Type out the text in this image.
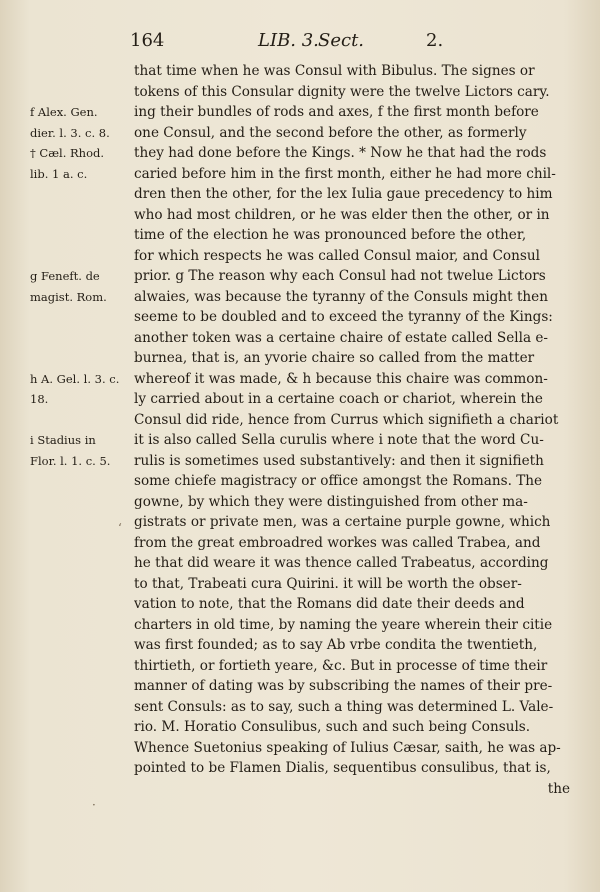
164	LIB. 3. Sect.	2.
f Alex. Gen.
dier. l. 3. c. 8.
† Cæl. Rhod.
lib. 1 a. c.
g Feneft. de
magist. Rom.
h A. Gel. l. 3. c.
18.
i Stadius in
Flor. l. 1. c. 5.
that time when he was Consul with Bibulus. The signes or
tokens of this Consular dignity were the twelve Lictors cary.
ing their bundles of rods and axes, f the first month before
one Consul, and the second before the other, as formerly
they had done before the Kings. * Now he that had the rods
caried before him in the first month, either he had more chil-
dren then the other, for the lex Iulia gaue precedency to him
who had most children, or he was elder then the other, or in
time of the election he was pronounced before the other,
for which respects he was called Consul maior, and Consul
prior. g The reason why each Consul had not twelue Lictors
alwaies, was because the tyranny of the Consuls might then
seeme to be doubled and to exceed the tyranny of the Kings:
another token was a certaine chaire of estate called Sella e-
burnea, that is, an yvorie chaire so called from the matter
whereof it was made, & h because this chaire was common-
ly carried about in a certaine coach or chariot, wherein the
Consul did ride, hence from Currus which signifieth a chariot
it is also called Sella curulis where i note that the word Cu-
rulis is sometimes used substantively: and then it signifieth
some chiefe magistracy or office amongst the Romans. The
gowne, by which they were distinguished from other ma-
gistrats or private men, was a certaine purple gowne, which
from the great embroadred workes was called Trabea, and
he that did weare it was thence called Trabeatus, according
to that, Trabeati cura Quirini. it will be worth the obser-
vation to note, that the Romans did date their deeds and
charters in old time, by naming the yeare wherein their citie
was first founded; as to say Ab vrbe condita the twentieth,
thirtieth, or fortieth yeare, &c. But in processe of time their
manner of dating was by subscribing the names of their pre-
sent Consuls: as to say, such a thing was determined L. Vale-
rio. M. Horatio Consulibus, such and such being Consuls.
Whence Suetonius speaking of Iulius Cæsar, saith, he was ap-
pointed to be Flamen Dialis, sequentibus consulibus, that is,
the
‘
·
